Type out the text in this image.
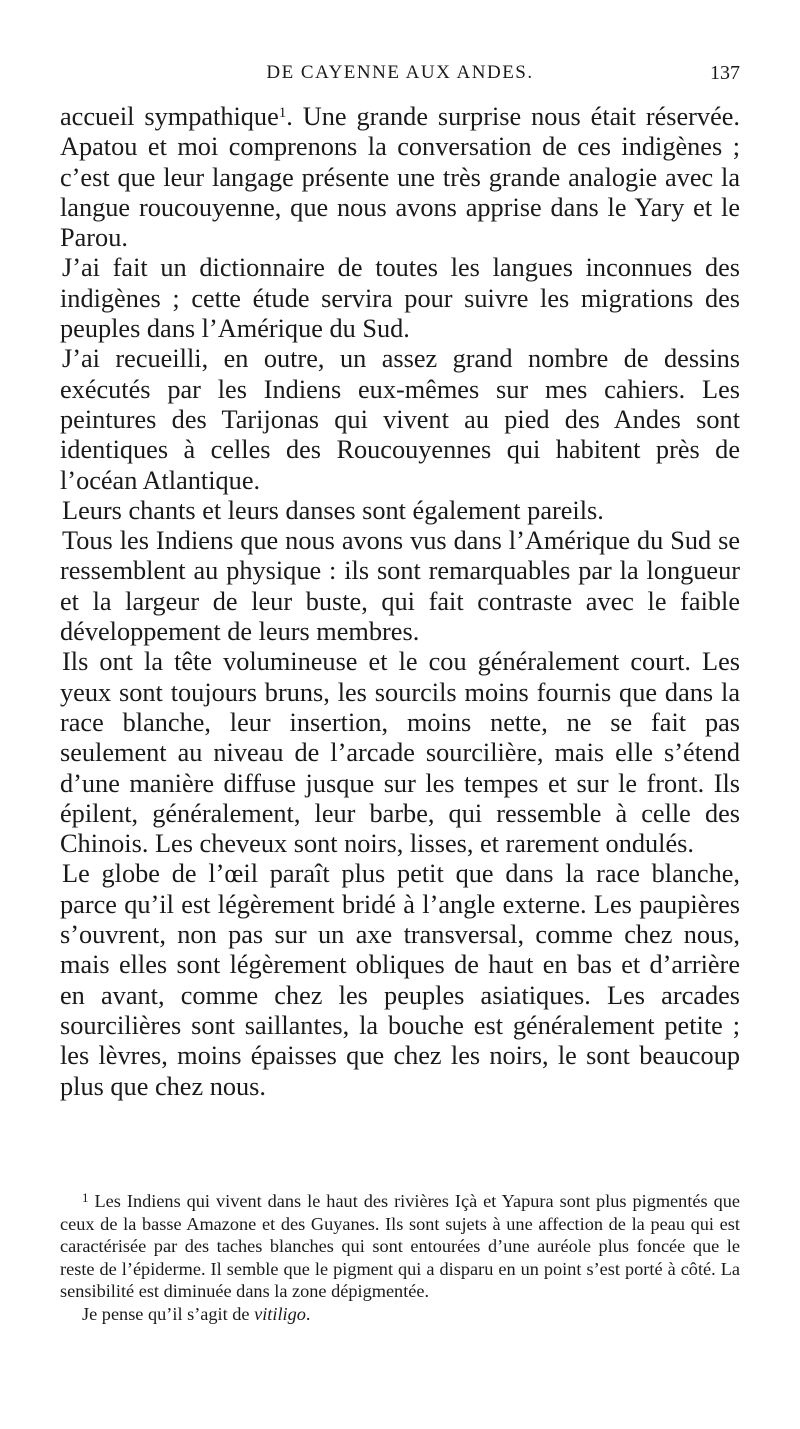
DE CAYENNE AUX ANDES.	137

accueil sympathique$^1$. Une grande surprise nous était réservée. Apatou et moi comprenons la conversation de ces indigènes ; c’est que leur langage présente une très grande analogie avec la langue roucouyenne, que nous avons apprise dans le Yary et le Parou.

J’ai fait un dictionnaire de toutes les langues inconnues des indigènes ; cette étude servira pour suivre les migrations des peuples dans l’Amérique du Sud.

J’ai recueilli, en outre, un assez grand nombre de dessins exécutés par les Indiens eux-mêmes sur mes cahiers. Les peintures des Tarijonas qui vivent au pied des Andes sont identiques à celles des Roucouyennes qui habitent près de l’océan Atlantique.

Leurs chants et leurs danses sont également pareils.

Tous les Indiens que nous avons vus dans l’Amérique du Sud se ressemblent au physique : ils sont remarquables par la longueur et la largeur de leur buste, qui fait contraste avec le faible développement de leurs membres.

Ils ont la tête volumineuse et le cou généralement court. Les yeux sont toujours bruns, les sourcils moins fournis que dans la race blanche, leur insertion, moins nette, ne se fait pas seulement au niveau de l’arcade sourcilière, mais elle s’étend d’une manière diffuse jusque sur les tempes et sur le front. Ils épilent, généralement, leur barbe, qui ressemble à celle des Chinois. Les cheveux sont noirs, lisses, et rarement ondulés.

Le globe de l’œil paraît plus petit que dans la race blanche, parce qu’il est légèrement bridé à l’angle externe. Les paupières s’ouvrent, non pas sur un axe transversal, comme chez nous, mais elles sont légèrement obliques de haut en bas et d’arrière en avant, comme chez les peuples asiatiques. Les arcades sourcilières sont saillantes, la bouche est généralement petite ; les lèvres, moins épaisses que chez les noirs, le sont beaucoup plus que chez nous.

$^1$ Les Indiens qui vivent dans le haut des rivières Içà et Yapura sont plus pigmentés que ceux de la basse Amazone et des Guyanes. Ils sont sujets à une affection de la peau qui est caractérisée par des taches blanches qui sont entourées d’une auréole plus foncée que le reste de l’épiderme. Il semble que le pigment qui a disparu en un point s’est porté à côté. La sensibilité est diminuée dans la zone dépigmentée.

Je pense qu’il s’agit de vitiligo.
